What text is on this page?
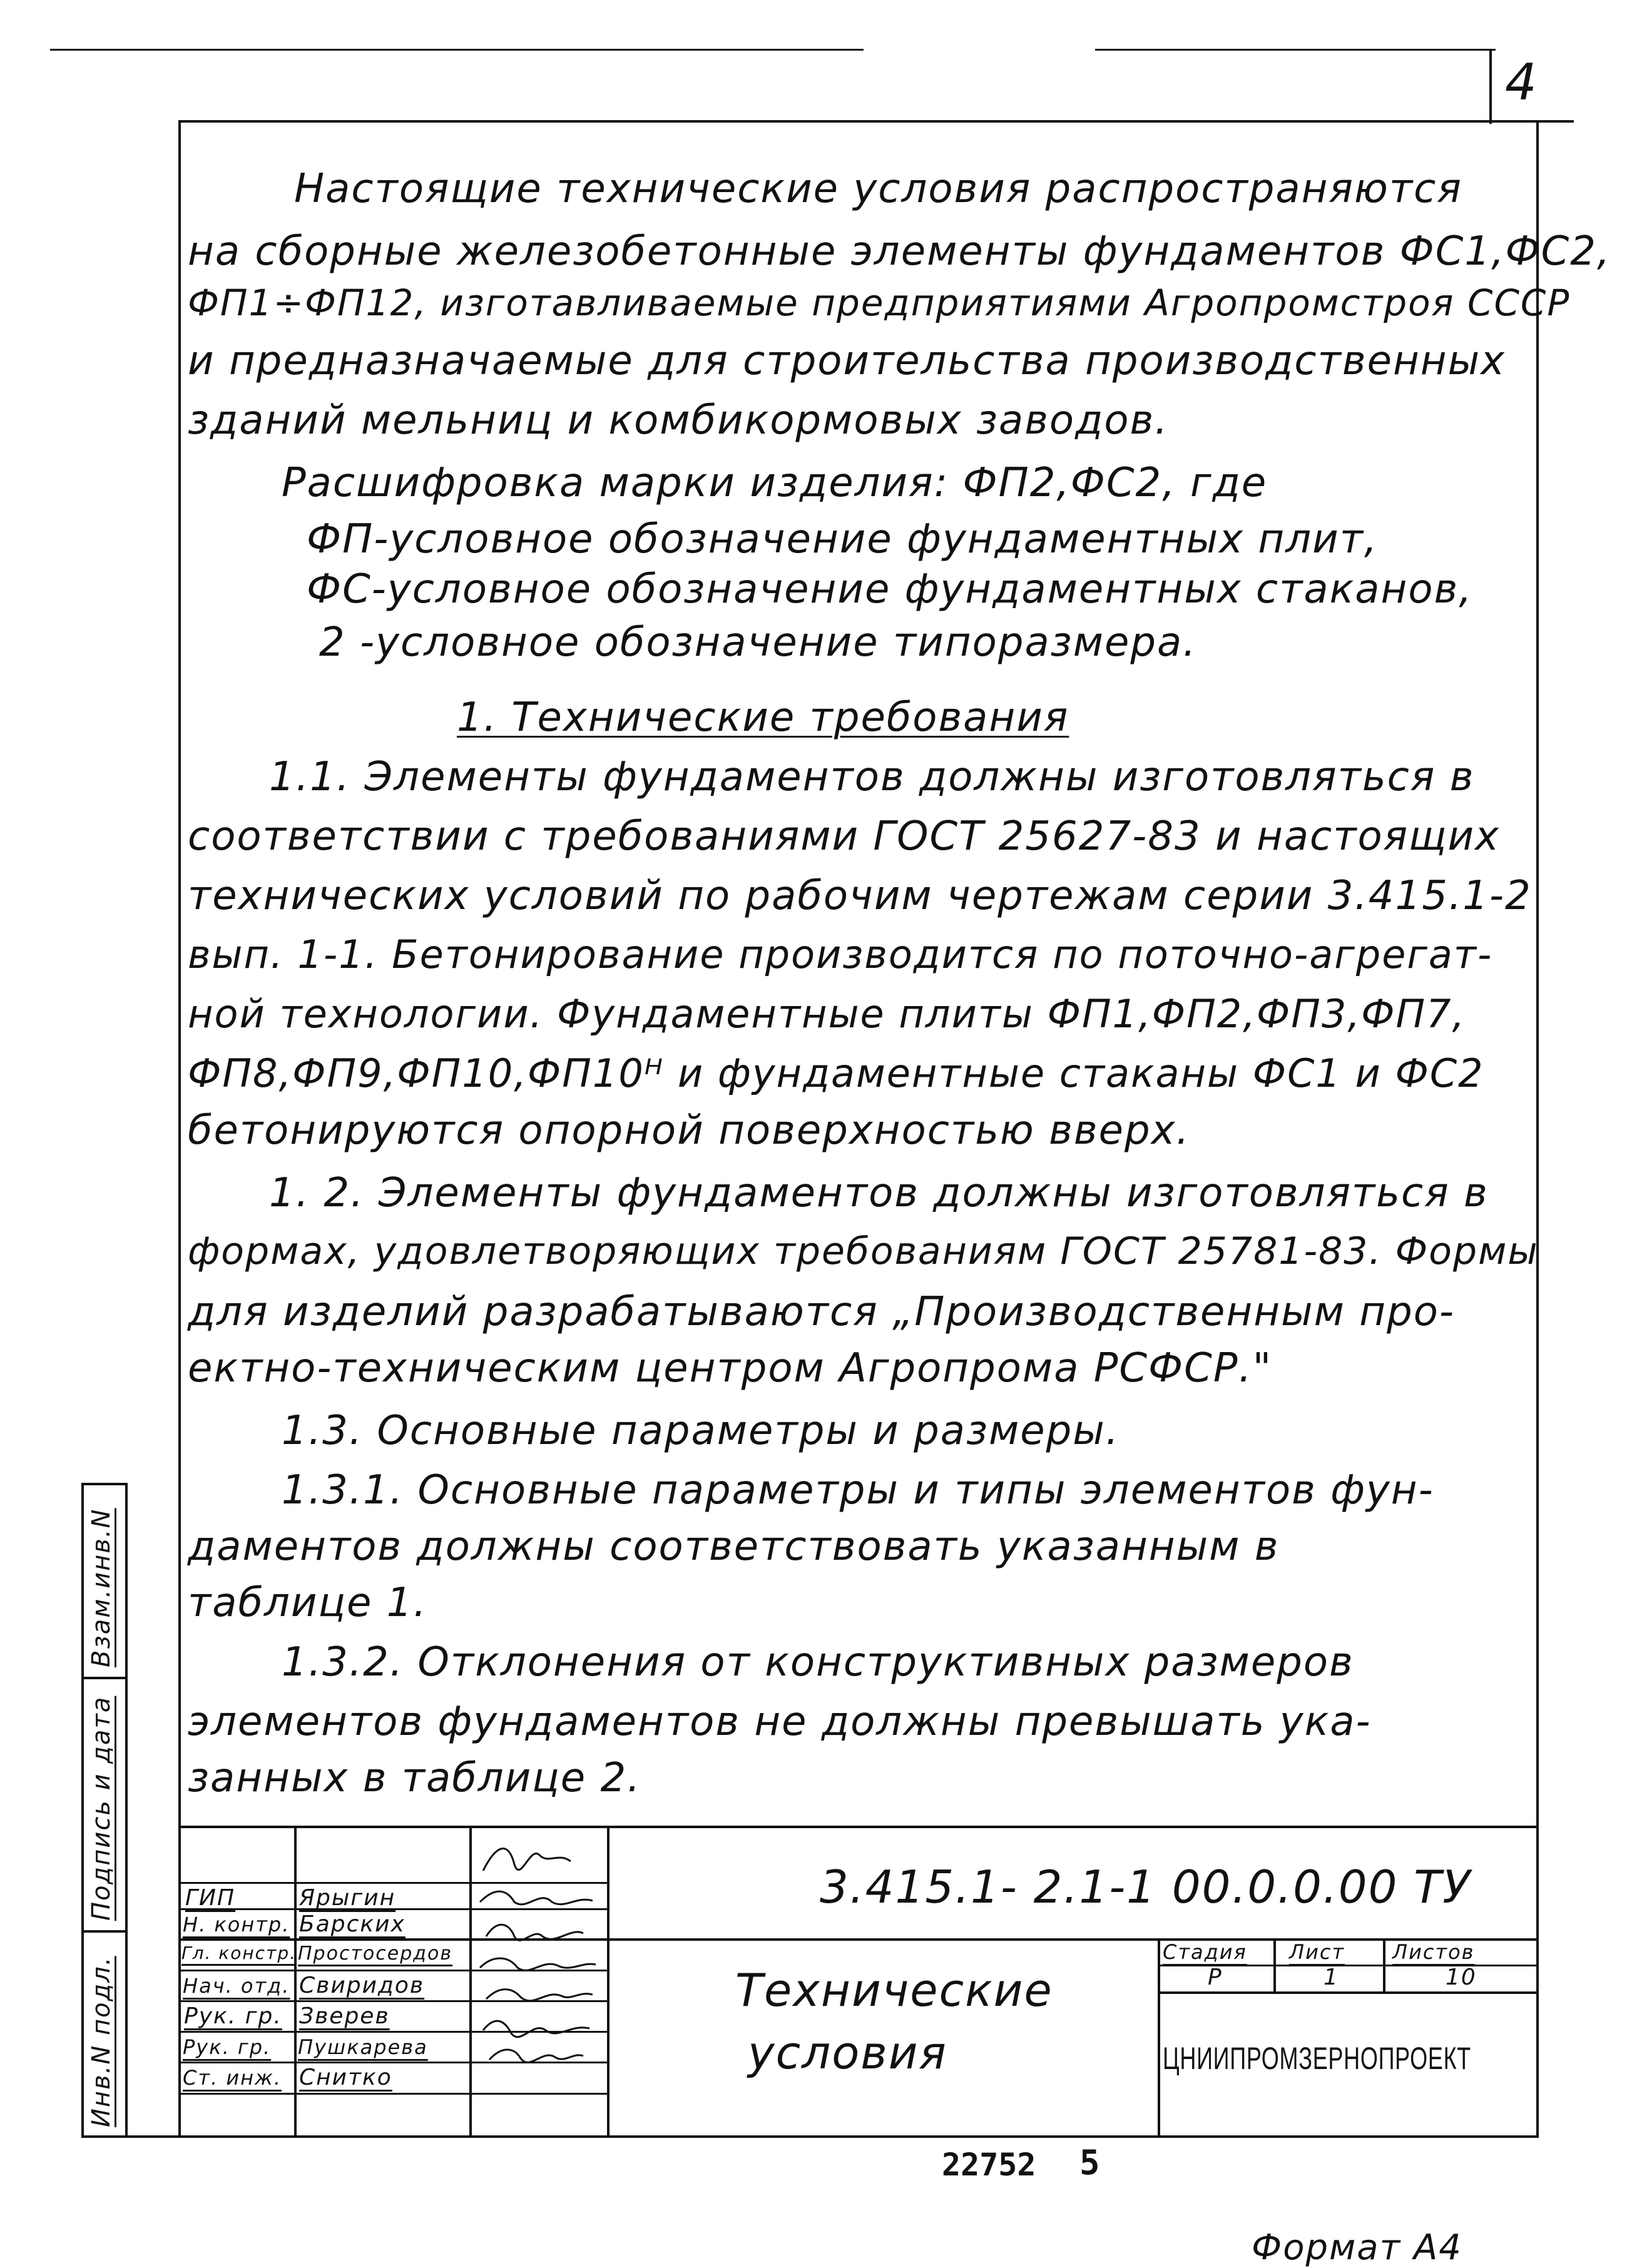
4
Настоящие технические условия распространяются
на сборные железобетонные элементы фундаментов ФС1,ФС2,
ФП1÷ФП12, изготавливаемые предприятиями Агропромстроя СССР
и предназначаемые для строительства производственных
зданий мельниц и комбикормовых заводов.
Расшифровка марки изделия: ФП2,ФС2, где
ФП-условное обозначение фундаментных плит,
ФС-условное обозначение фундаментных стаканов,
2 -условное обозначение типоразмера.
1. Технические требования
1.1. Элементы фундаментов должны изготовляться в
соответствии с требованиями ГОСТ 25627-83 и настоящих
технических условий по рабочим чертежам серии 3.415.1-2
вып. 1-1. Бетонирование производится по поточно-агрегат-
ной технологии. Фундаментные плиты ФП1,ФП2,ФП3,ФП7,
ФП8,ФП9,ФП10,ФП10ᴴ и фундаментные стаканы ФС1 и ФС2
бетонируются опорной поверхностью вверх.
1. 2. Элементы фундаментов должны изготовляться в
формах, удовлетворяющих требованиям ГОСТ 25781-83. Формы
для изделий разрабатываются „Производственным про-
ектно-техническим центром Агропрома РСФСР."
1.3. Основные параметры и размеры.
1.3.1. Основные параметры и типы элементов фун-
даментов должны соответствовать указанным в
таблице 1.
1.3.2. Отклонения от конструктивных размеров
элементов фундаментов не должны превышать ука-
занных в таблице 2.
Взам.инв.N
Подпись и дата
Инв.N подл.
ГИП	Ярыгин
Н. контр. Барских
Гл. констр. Простосердов
Нач. отд. Свиридов
Рук. гр. Зверев
Рук. гр. Пушкарева
Ст. инж. Снитко
3.415.1- 2.1-1 00.0.0.00 ТУ
Технические
условия
Стадия Лист Листов
Р	1	10
ЦНИИПРОМЗЕРНОПРОЕКТ
22752 5
Формат А4
